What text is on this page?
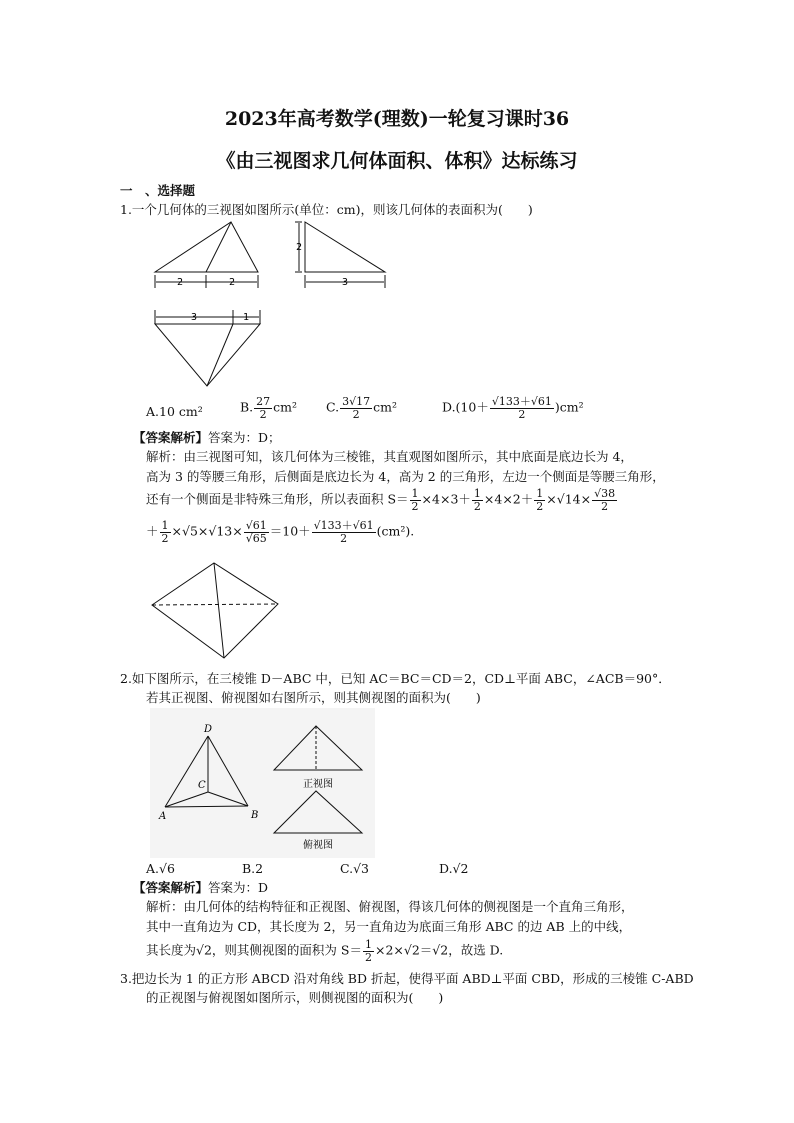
2023年高考数学(理数)一轮复习课时36
《由三视图求几何体面积、体积》达标练习
一　、选择题
1.一个几何体的三视图如图所示(单位：cm)，则该几何体的表面积为(　　)
2	2
2
3
3	1
A.10 cm²	B. $\frac{27}{2} cm^2$ C. $\frac{3√17}{2} cm^2$	$D.(10+ \frac{√133+√61}{2} )cm^2$
【答案解析】答案为：D；
解析：由三视图可知，该几何体为三棱锥，其直观图如图所示，其中底面是底边长为 4，
高为 3 的等腰三角形，后侧面是底边长为 4，高为 2 的三角形，左边一个侧面是等腰三角形，
还有一个侧面是非特殊三角形，所以表面积 $S= \frac{1}{2} \times 4\times 3+ \frac{1}{2} \times 4\times 2+ \frac{1}{2} \times√14\times \frac{√38}{2}$
＋ $\frac{1}{2} \times√5\times√13\times \frac{√61}{√65} =10+ \frac{√133+√61}{2} (cm^2)$.
2.如下图所示，在三棱锥 D－ABC 中，已知 AC＝BC＝CD＝2，CD⊥平面 ABC，∠ACB＝90°．
若其正视图、俯视图如右图所示，则其侧视图的面积为(　　)
D
C
A	B
正视图
俯视图
A.√6	B.2	C.√3	D.√2
【答案解析】答案为：D
解析：由几何体的结构特征和正视图、俯视图，得该几何体的侧视图是一个直角三角形，
其中一直角边为 CD，其长度为 2，另一直角边为底面三角形 ABC 的边 AB 上的中线，
其长度为√2，则其侧视图的面积为 $S= \frac{1}{2} \times 2\times√2=√2$，故选 D.
3.把边长为 1 的正方形 ABCD 沿对角线 BD 折起，使得平面 ABD⊥平面 CBD，形成的三棱锥 C-ABD
的正视图与俯视图如图所示，则侧视图的面积为(　　)
